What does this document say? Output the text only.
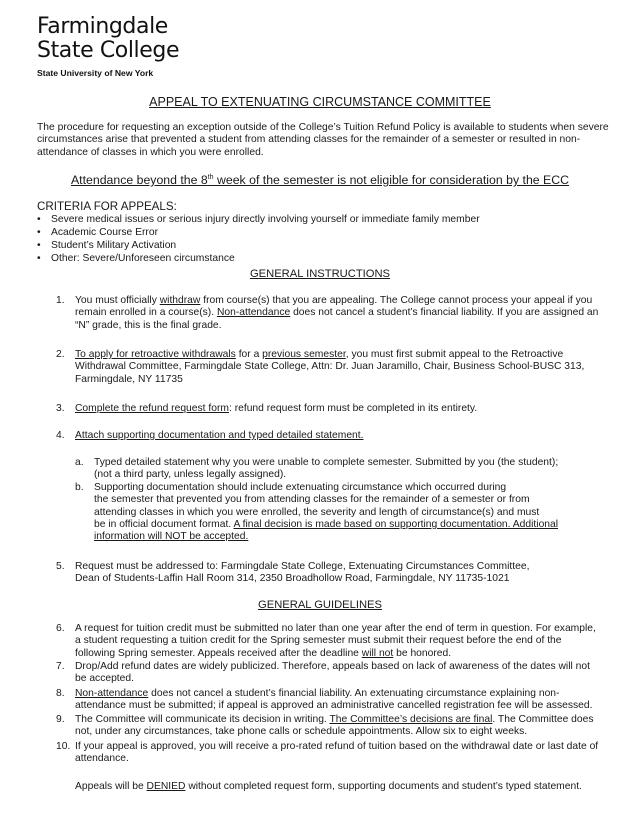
Farmingdale
State College
State University of New York
APPEAL TO EXTENUATING CIRCUMSTANCE COMMITTEE
The procedure for requesting an exception outside of the College’s Tuition Refund Policy is available to students when severe circumstances arise that prevented a student from attending classes for the remainder of a semester or resulted in non-attendance of classes in which you were enrolled.
Attendance beyond the 8th week of the semester is not eligible for consideration by the ECC
CRITERIA FOR APPEALS:
• Severe medical issues or serious injury directly involving yourself or immediate family member
• Academic Course Error
• Student’s Military Activation
• Other: Severe/Unforeseen circumstance
GENERAL INSTRUCTIONS
1. You must officially withdraw from course(s) that you are appealing. The College cannot process your appeal if you remain enrolled in a course(s). Non-attendance does not cancel a student’s financial liability. If you are assigned an “N” grade, this is the final grade.
2. To apply for retroactive withdrawals for a previous semester, you must first submit appeal to the Retroactive Withdrawal Committee, Farmingdale State College, Attn: Dr. Juan Jaramillo, Chair, Business School-BUSC 313, Farmingdale, NY 11735
3. Complete the refund request form: refund request form must be completed in its entirety.
4. Attach supporting documentation and typed detailed statement.
a. Typed detailed statement why you were unable to complete semester. Submitted by you (the student);
(not a third party, unless legally assigned).
b. Supporting documentation should include extenuating circumstance which occurred during
the semester that prevented you from attending classes for the remainder of a semester or from
attending classes in which you were enrolled, the severity and length of circumstance(s) and must
be in official document format. A final decision is made based on supporting documentation. Additional
information will NOT be accepted.
5. Request must be addressed to: Farmingdale State College, Extenuating Circumstances Committee,
Dean of Students-Laffin Hall Room 314, 2350 Broadhollow Road, Farmingdale, NY 11735-1021
GENERAL GUIDELINES
6. A request for tuition credit must be submitted no later than one year after the end of term in question. For example, a student requesting a tuition credit for the Spring semester must submit their request before the end of the following Spring semester. Appeals received after the deadline will not be honored.
7. Drop/Add refund dates are widely publicized. Therefore, appeals based on lack of awareness of the dates will not be accepted.
8. Non-attendance does not cancel a student’s financial liability. An extenuating circumstance explaining non-attendance must be submitted; if appeal is approved an administrative cancelled registration fee will be assessed.
9. The Committee will communicate its decision in writing. The Committee’s decisions are final. The Committee does not, under any circumstances, take phone calls or schedule appointments. Allow six to eight weeks.
10. If your appeal is approved, you will receive a pro-rated refund of tuition based on the withdrawal date or last date of attendance.
Appeals will be DENIED without completed request form, supporting documents and student’s typed statement.
